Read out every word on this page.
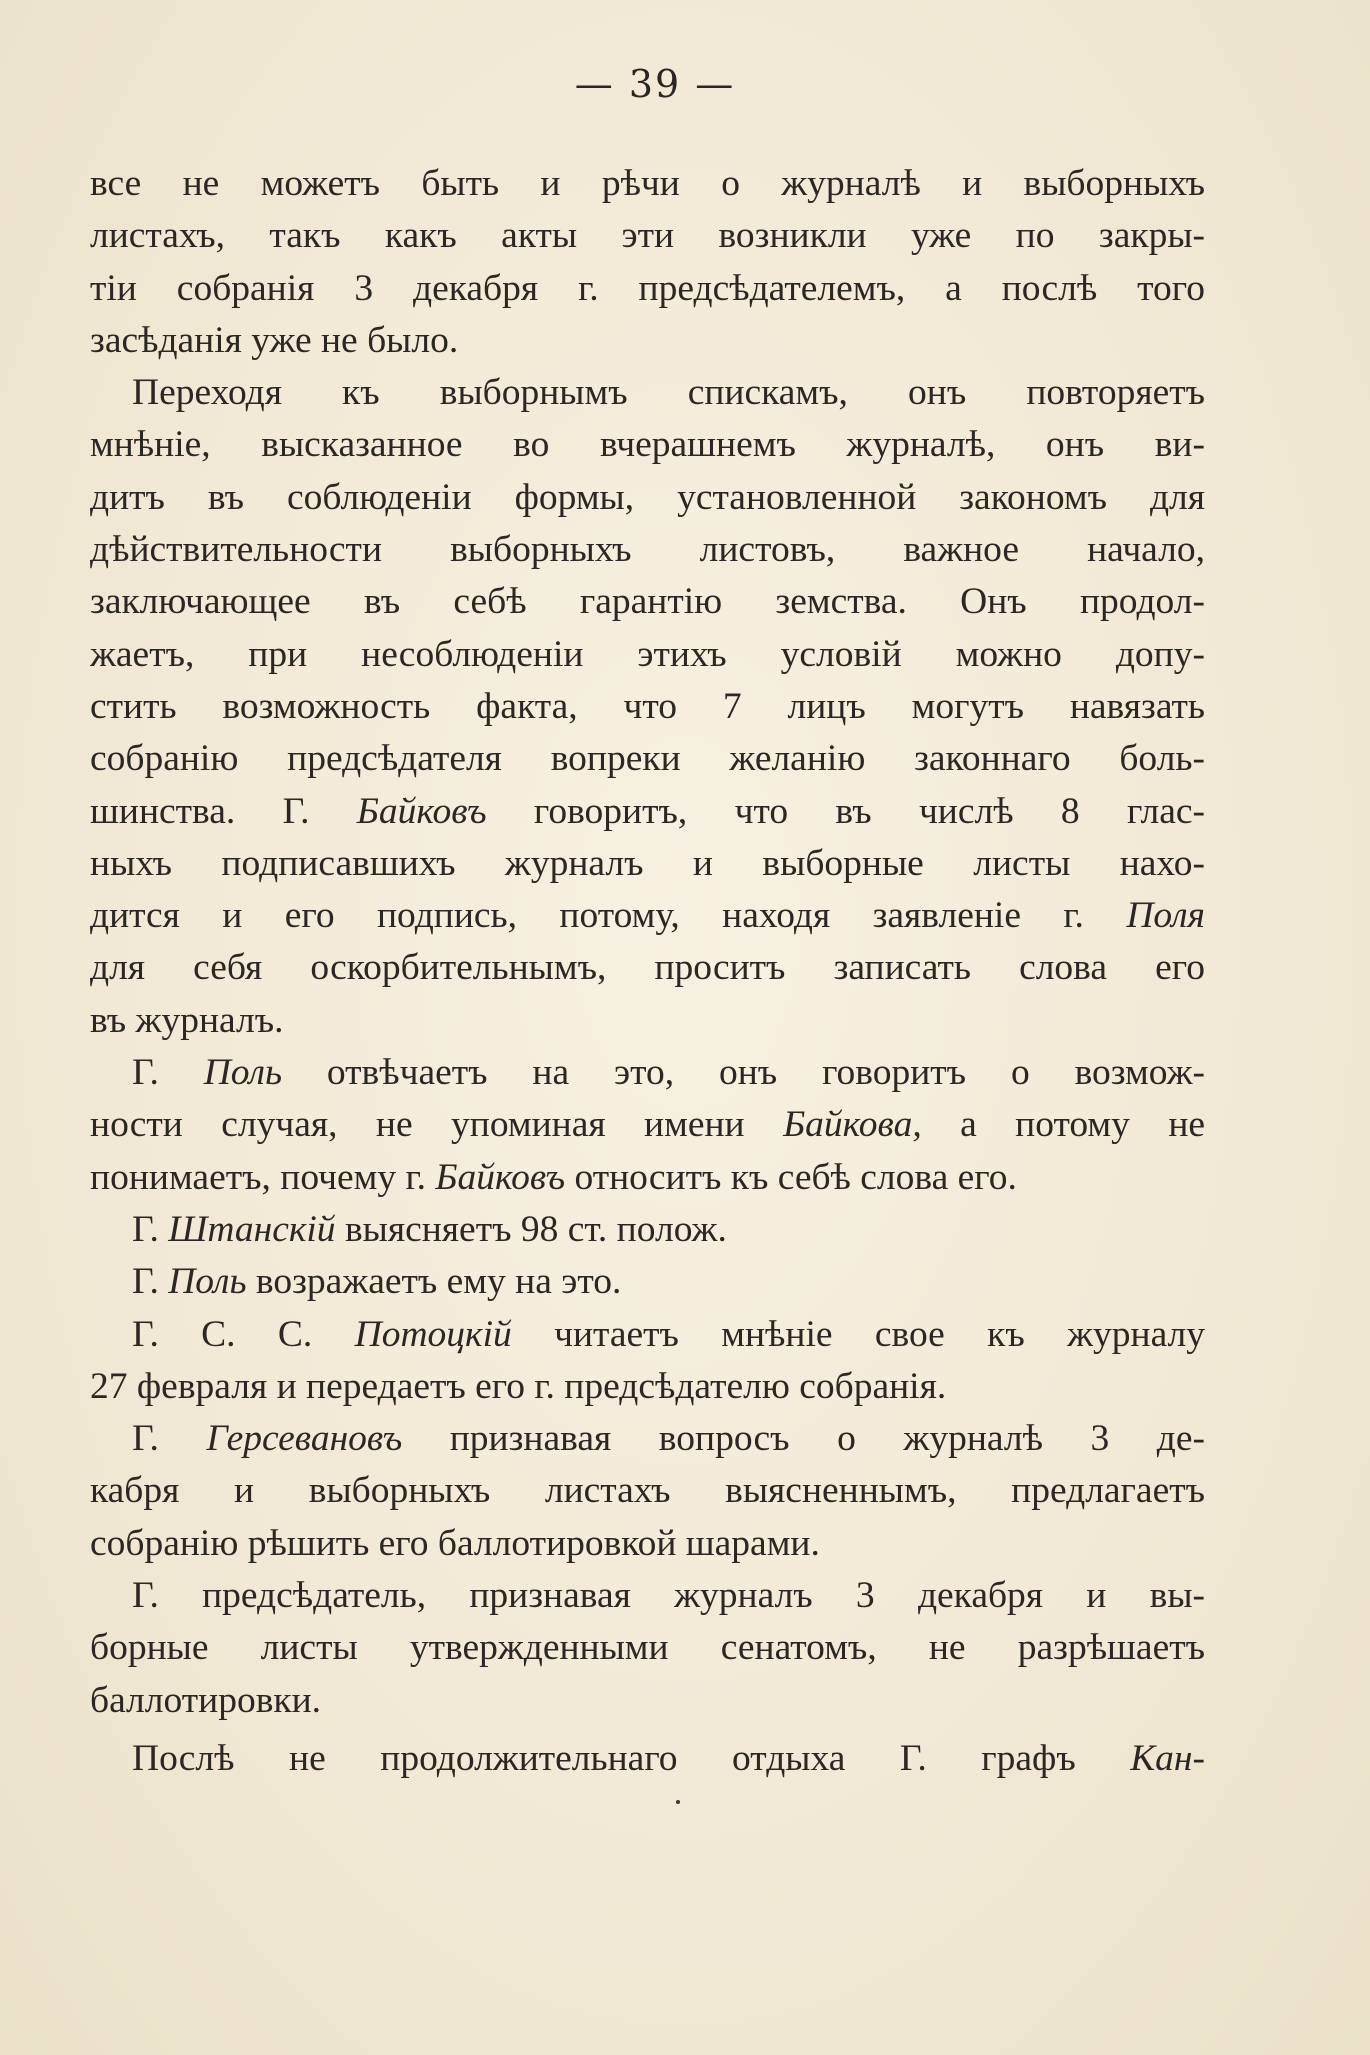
— 39 —
все не можетъ быть и рѣчи о журналѣ и выборныхъ
листахъ, такъ какъ акты эти возникли уже по закры-
тіи собранія 3 декабря г. предсѣдателемъ, а послѣ того
засѣданія уже не было.
Переходя къ выборнымъ спискамъ, онъ повторяетъ
мнѣніе, высказанное во вчерашнемъ журналѣ, онъ ви-
дитъ въ соблюденіи формы, установленной закономъ для
дѣйствительности выборныхъ листовъ, важное начало,
заключающее въ себѣ гарантію земства. Онъ продол-
жаетъ, при несоблюденіи этихъ условій можно допу-
стить возможность факта, что 7 лицъ могутъ навязать
собранію предсѣдателя вопреки желанію законнаго боль-
шинства. Г. Байковъ говоритъ, что въ числѣ 8 глас-
ныхъ подписавшихъ журналъ и выборные листы нахо-
дится и его подпись, потому, находя заявленіе г. Поля
для себя оскорбительнымъ, проситъ записать слова его
въ журналъ.
Г. Поль отвѣчаетъ на это, онъ говоритъ о возмож-
ности случая, не упоминая имени Байкова, а потому не
понимаетъ, почему г. Байковъ относитъ къ себѣ слова его.
Г. Штанскій выясняетъ 98 ст. полож.
Г. Поль возражаетъ ему на это.
Г. С. С. Потоцкій читаетъ мнѣніе свое къ журналу
27 февраля и передаетъ его г. предсѣдателю собранія.
Г. Герсевановъ признавая вопросъ о журналѣ 3 де-
кабря и выборныхъ листахъ выясненнымъ, предлагаетъ
собранію рѣшить его баллотировкой шарами.
Г. предсѣдатель, признавая журналъ 3 декабря и вы-
борные листы утвержденными сенатомъ, не разрѣшаетъ
баллотировки.
Послѣ не продолжительнаго отдыха Г. графъ Кан-
